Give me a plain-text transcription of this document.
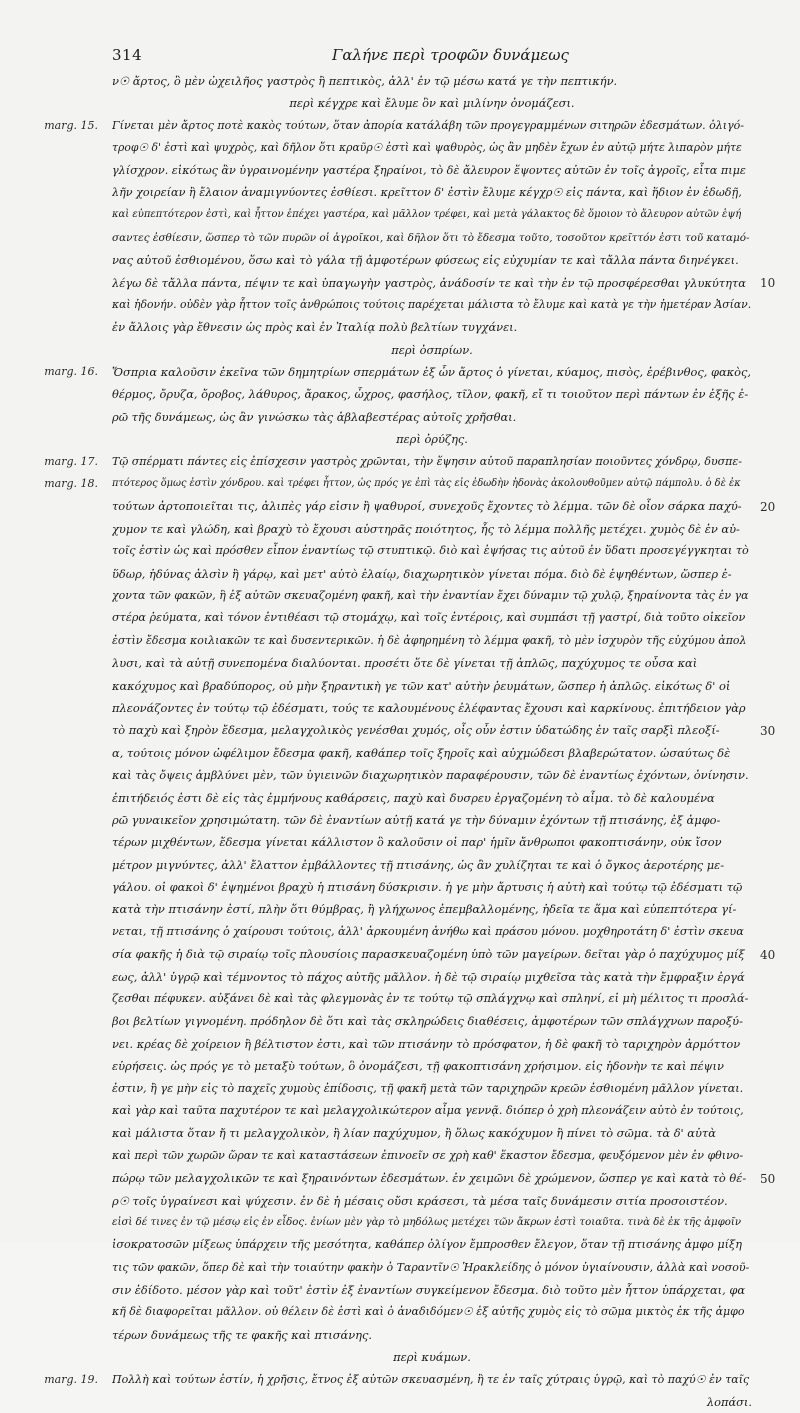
314	Γαλήνε περὶ τροφῶν δυνάμεως
marg. 15.
marg. 16.
marg. 17.
marg. 18.
marg. 19.
10
20
30
40
50
ν☉ ἄρτος, ὃ μὲν ὠχειλῆος γαστρὸς ἢ πεπτικὸς, ἀλλ' ἐν τῷ μέσω κατά γε τὴν πεπτικήν.
περὶ κέγχρε καὶ ἔλυμε ὃν καὶ μιλίνην ὀνομάζεσι.
Γίνεται μὲν ἄρτος ποτὲ κακὸς τούτων, ὅταν ἀπορία κατάλάβη τῶν προγεγραμμένων σιτηρῶν ἐδεσμάτων. ὀλιγό-
τροφ☉ δ' ἐστὶ καὶ ψυχρὸς, καὶ δῆλον ὅτι κραῦρ☉ ἐστὶ καὶ ψαθυρὸς, ὡς ἂν μηδὲν ἔχων ἐν αὐτῷ μήτε λιπαρὸν μήτε
γλίσχρον. εἰκότως ἂν ὑγραινομένην γαστέρα ξηραίνοι, τὸ δὲ ἄλευρον ἕψοντες αὐτῶν ἐν τοῖς ἀγροῖς, εἶτα πιμε
λῆν χοιρείαν ἢ ἔλαιον ἀναμιγνύοντες ἐσθίεσι. κρεῖττον δ' ἐστὶν ἔλυμε κέγχρ☉ εἰς πάντα, καὶ ἥδιον ἐν ἐδωδῇ,
καὶ εὐπεπτότερον ἐστὶ, καὶ ἧττον ἐπέχει γαστέρα, καὶ μᾶλλον τρέφει, καὶ μετὰ γάλακτος δὲ ὅμοιον τὸ ἄλευρον αὐτῶν ἑψή
σαντες ἐσθίεσιν, ὥσπερ τὸ τῶν πυρῶν οἱ ἀγροῖκοι, καὶ δῆλον ὅτι τὸ ἔδεσμα τοῦτο, τοσοῦτον κρεῖττόν ἐστι τοῦ καταμό-
νας αὐτοῦ ἐσθιομένου, ὅσω καὶ τὸ γάλα τῇ ἀμφοτέρων φύσεως εἰς εὐχυμίαν τε καὶ τἄλλα πάντα διηνέγκει.
λέγω δὲ τἄλλα πάντα, πέψιν τε καὶ ὑπαγωγὴν γαστρὸς, ἀνάδοσίν τε καὶ τὴν ἐν τῷ προσφέρεσθαι γλυκύτητα
καὶ ἡδονήν. οὐδὲν γὰρ ἧττον τοῖς ἀνθρώποις τούτοις παρέχεται μάλιστα τὸ ἔλυμε καὶ κατὰ γε τὴν ἡμετέραν Ἀσίαν.
ἐν ἄλλοις γὰρ ἔθνεσιν ὡς πρὸς καὶ ἐν Ἰταλίᾳ πολὺ βελτίων τυγχάνει.
περὶ ὀσπρίων.
Ὅσπρια καλοῦσιν ἐκεῖνα τῶν δημητρίων σπερμάτων ἐξ ὧν ἄρτος ὁ γίνεται, κύαμος, πισὸς, ἐρέβινθος, φακὸς,
θέρμος, ὄρυζα, ὄροβος, λάθυρος, ἄρακος, ὦχρος, φασήλος, τῖλον, φακῆ, εἴ τι τοιοῦτον περὶ πάντων ἐν ἐξῆς ἐ-
ρῶ τῆς δυνάμεως, ὡς ἂν γινώσκω τὰς ἀβλαβεστέρας αὐτοῖς χρῆσθαι.
περὶ ὀρύζης.
Τῷ σπέρματι πάντες εἰς ἐπίσχεσιν γαστρὸς χρῶνται, τὴν ἕψησιν αὐτοῦ παραπλησίαν ποιοῦντες χόνδρῳ, δυσπε-
πτότερος ὅμως ἐστὶν χόνδρου. καὶ τρέφει ἧττον, ὡς πρός γε ἐπὶ τὰς εἰς ἐδωδὴν ἡδονὰς ἀκολουθοῦμεν αὐτῷ πάμπολυ. ὁ δὲ ἐκ
τούτων ἀρτοποιεῖται τις, ἀλιπὲς γάρ εἰσιν ἢ ψαθυροί, συνεχοῦς ἔχοντες τὸ λέμμα. τῶν δὲ οἷον σάρκα παχύ-
χυμον τε καὶ γλώδη, καὶ βραχὺ τὸ ἔχουσι αὐστηρᾶς ποιότητος, ἧς τὸ λέμμα πολλῆς μετέχει. χυμὸς δὲ ἐν αὐ-
τοῖς ἐστὶν ὡς καὶ πρόσθεν εἶπον ἐναντίως τῷ στυπτικῷ. διὸ καὶ ἑψήσας τις αὐτοῦ ἐν ὕδατι προσεγέγγκηται τὸ
ὕδωρ, ἠδύνας ἁλσὶν ἢ γάρῳ, καὶ μετ' αὐτὸ ἐλαίῳ, διαχωρητικὸν γίνεται πόμα. διὸ δὲ ἑψηθέντων, ὥσπερ ἐ-
χοντα τῶν φακῶν, ἣ ἐξ αὐτῶν σκευαζομένη φακῆ, καὶ τὴν ἐναντίαν ἔχει δύναμιν τῷ χυλῷ, ξηραίνοντα τὰς ἐν γα
στέρα ῥεύματα, καὶ τόνον ἐντιθέασι τῷ στομάχῳ, καὶ τοῖς ἐντέροις, καὶ συμπάσι τῇ γαστρί, διὰ τοῦτο οἰκεῖον
ἐστὶν ἔδεσμα κοιλιακῶν τε καὶ δυσεντερικῶν. ἡ δὲ ἀφηρημένη τὸ λέμμα φακῆ, τὸ μὲν ἰσχυρὸν τῆς εὐχύμου ἀπολ
λυσι, καὶ τὰ αὐτῇ συνεπομένα διαλύονται. προσέτι ὅτε δὲ γίνεται τῇ ἁπλῶς, παχύχυμος τε οὖσα καὶ
κακόχυμος καὶ βραδύπορος, οὐ μὴν ξηραντικὴ γε τῶν κατ' αὐτὴν ῥευμάτων, ὥσπερ ἡ ἀπλῶς. εἰκότως δ' οἱ
πλεονάζοντες ἐν τούτῳ τῷ ἐδέσματι, τούς τε καλουμένους ἐλέφαντας ἔχουσι καὶ καρκίνους. ἐπιτήδειον γὰρ
τὸ παχὺ καὶ ξηρὸν ἔδεσμα, μελαγχολικὸς γενέσθαι χυμός, οἷς οὖν ἐστιν ὑδατώδης ἐν ταῖς σαρξὶ πλεοξί-
α, τούτοις μόνον ὠφέλιμον ἔδεσμα φακῆ, καθάπερ τοῖς ξηροῖς καὶ αὐχμώδεσι βλαβερώτατον. ὡσαύτως δὲ
καὶ τὰς ὄψεις ἀμβλύνει μὲν, τῶν ὑγιεινῶν διαχωρητικὸν παραφέρουσιν, τῶν δὲ ἐναντίως ἐχόντων, ὀνίνησιν.
ἐπιτήδειός ἐστι δὲ εἰς τὰς ἐμμήνους καθάρσεις, παχὺ καὶ δυσρευ ἐργαζομένη τὸ αἷμα. τὸ δὲ καλουμένα
ρῶ γυναικεῖον χρησιμώτατη. τῶν δὲ ἐναντίων αὐτῇ κατά γε τὴν δύναμιν ἐχόντων τῇ πτισάνης, ἐξ ἀμφο-
τέρων μιχθέντων, ἔδεσμα γίνεται κάλλιστον ὃ καλοῦσιν οἱ παρ' ἡμῖν ἄνθρωποι φακοπτισάνην, οὐκ ἴσον
μέτρον μιγνύντες, ἀλλ' ἔλαττον ἐμβάλλοντες τῇ πτισάνης, ὡς ἂν χυλίζηται τε καὶ ὁ ὄγκος ἀεροτέρης με-
γάλου. οἱ φακοὶ δ' ἑψημένοι βραχὺ ἡ πτισάνη δύσκρισιν. ἡ γε μὴν ἄρτυσις ἡ αὐτὴ καὶ τούτῳ τῷ ἐδέσματι τῷ
κατὰ τὴν πτισάνην ἐστί, πλὴν ὅτι θύμβρας, ἢ γλήχωνος ἐπεμβαλλομένης, ἡδεῖα τε ἅμα καὶ εὐπεπτότερα γί-
νεται, τῇ πτισάνης ὁ χαίρουσι τούτοις, ἀλλ' ἀρκουμένη ἀνήθω καὶ πράσου μόνου. μοχθηροτάτη δ' ἐστὶν σκευα
σία φακῆς ἡ διὰ τῷ σιραίῳ τοῖς πλουσίοις παρασκευαζομένη ὑπὸ τῶν μαγείρων. δεῖται γὰρ ὁ παχύχυμος μίξ
εως, ἀλλ' ὑγρῷ καὶ τέμνοντος τὸ πάχος αὐτῆς μᾶλλον. ἡ δὲ τῷ σιραίῳ μιχθεῖσα τὰς κατὰ τὴν ἔμφραξιν ἐργά
ζεσθαι πέφυκεν. αὐξάνει δὲ καὶ τὰς φλεγμονὰς ἐν τε τούτῳ τῷ σπλάγχνῳ καὶ σπληνί, εἰ μὴ μέλιτος τι προσλά-
βοι βελτίων γιγνομένη. πρόδηλον δὲ ὅτι καὶ τὰς σκληρώδεις διαθέσεις, ἀμφοτέρων τῶν σπλάγχνων παροξύ-
νει. κρέας δὲ χοίρειον ἢ βέλτιστον ἐστι, καὶ τῶν πτισάνην τὸ πρόσφατον, ἡ δὲ φακῆ τὸ ταριχηρὸν ἁρμόττον
εὑρήσεις. ὡς πρός γε τὸ μεταξὺ τούτων, ὃ ὀνομάζεσι, τῇ φακοπτισάνη χρήσιμον. εἰς ἡδονὴν τε καὶ πέψιν
ἐστιν, ἢ γε μὴν εἰς τὸ παχεῖς χυμοὺς ἐπίδοσις, τῇ φακῆ μετὰ τῶν ταριχηρῶν κρεῶν ἐσθιομένη μᾶλλον γίνεται.
καὶ γὰρ καὶ ταῦτα παχυτέρον τε καὶ μελαγχολικώτερον αἷμα γεννᾷ. διόπερ ὁ χρὴ πλεονάζειν αὐτὸ ἐν τούτοις,
καὶ μάλιστα ὅταν ἤ τι μελαγχολικὸν, ἢ λίαν παχύχυμον, ἢ ὅλως κακόχυμον ἢ πίνει τὸ σῶμα. τὰ δ' αὐτὰ
καὶ περὶ τῶν χωρῶν ὥραν τε καὶ καταστάσεων ἐπινοεῖν σε χρὴ καθ' ἕκαστον ἔδεσμα, φευξόμενον μὲν ἐν φθινο-
πώρῳ τῶν μελαγχολικῶν τε καὶ ξηραινόντων ἐδεσμάτων. ἐν χειμῶνι δὲ χρώμενον, ὥσπερ γε καὶ κατὰ τὸ θέ-
ρ☉ τοῖς ὑγραίνεσι καὶ ψύχεσιν. ἐν δὲ ἡ μέσαις οὔσι κράσεσι, τὰ μέσα ταῖς δυνάμεσιν σιτία προσοιστέον.
εἰσὶ δέ τινες ἐν τῷ μέσῳ εἰς ἐν εἶδος. ἐνίων μὲν γὰρ τὸ μηδόλως μετέχει τῶν ἄκρων ἐστὶ τοιαῦτα. τινὰ δὲ ἐκ τῆς ἀμφοῖν
ἰσοκρατοσῶν μίξεως ὑπάρχειν τῆς μεσότητα, καθάπερ ὀλίγον ἔμπροσθεν ἔλεγον, ὅταν τῇ πτισάνης ἀμφο μίξη
τις τῶν φακῶν, ὅπερ δὲ καὶ τὴν τοιαύτην φακὴν ὁ Ταραντῖν☉ Ἡρακλείδης ὁ μόνον ὑγιαίνουσιν, ἀλλὰ καὶ νοσοῦ-
σιν ἐδίδοτο. μέσον γὰρ καὶ τοῦτ' ἐστὶν ἐξ ἐναντίων συγκείμενον ἔδεσμα. διὸ τοῦτο μὲν ἧττον ὑπάρχεται, φα
κῆ δὲ διαφορεῖται μᾶλλον. οὐ θέλειν δὲ ἐστὶ καὶ ὁ ἀναδιδόμεν☉ ἐξ αὐτῆς χυμὸς εἰς τὸ σῶμα μικτὸς ἐκ τῆς ἀμφο
τέρων δυνάμεως τῆς τε φακῆς καὶ πτισάνης.
περὶ κυάμων.
Πολλὴ καὶ τούτων ἐστίν, ἡ χρῆσις, ἔτνος ἐξ αὐτῶν σκευασμένη, ἢ τε ἐν ταῖς χύτραις ὑγρῷ, καὶ τὸ παχύ☉ ἐν ταῖς
λοπάσι.
